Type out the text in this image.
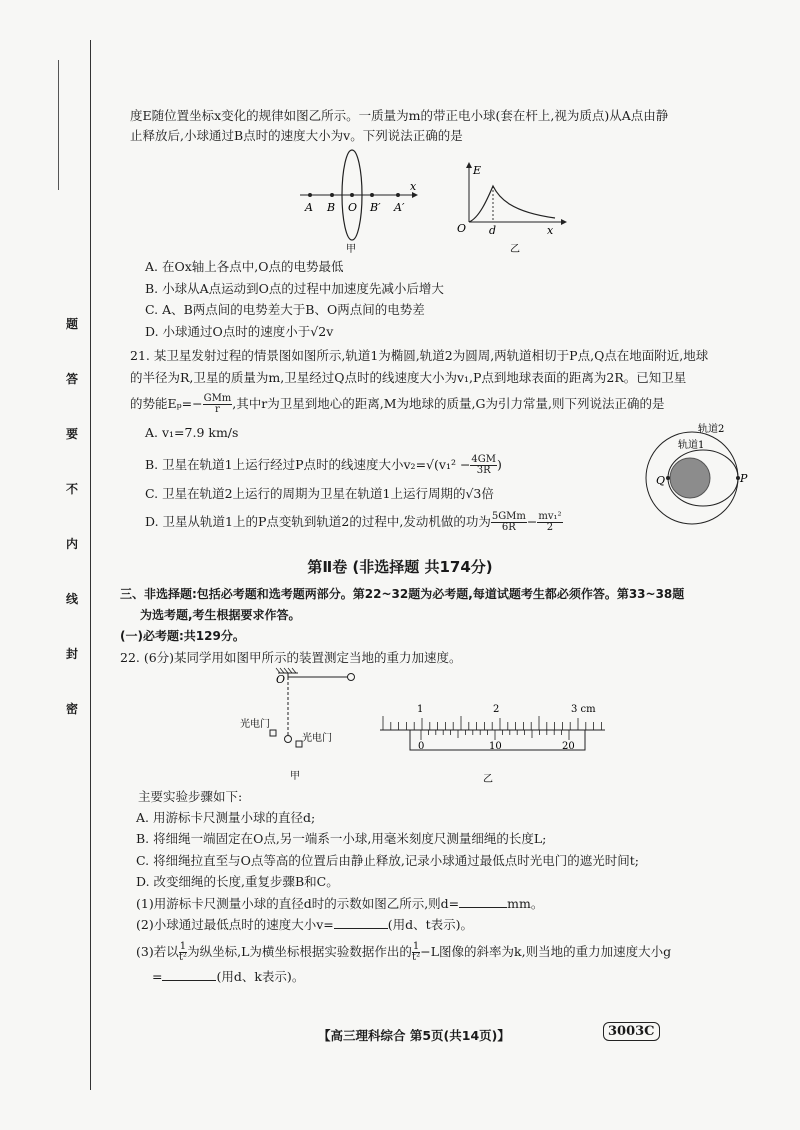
密
封
线
内
不
要
答
题
度E随位置坐标x变化的规律如图乙所示。一质量为m的带正电小球(套在杆上,视为质点)从A点由静
止释放后,小球通过B点时的速度大小为v。下列说法正确的是
A B O B′ A′
x
甲
E
O d	x
乙
A. 在Ox轴上各点中,O点的电势最低
B. 小球从A点运动到O点的过程中加速度先减小后增大
C. A、B两点间的电势差大于B、O两点间的电势差
D. 小球通过O点时的速度小于√2v
21. 某卫星发射过程的情景图如图所示,轨道1为椭圆,轨道2为圆周,两轨道相切于P点,Q点在地面附近,地球
的半径为R,卫星的质量为m,卫星经过Q点时的线速度大小为v₁,P点到地球表面的距离为2R。已知卫星
的势能$E_p=- \frac{\text{GMm}}{r}$ ,其中r为卫星到地心的距离,M为地球的质量,G为引力常量,则下列说法正确的是
A. v₁=7.9 km/s
B. 卫星在轨道1上运行经过P点时的线速度大小$v_2=√(v_1^2 - \frac{4GM}{3R}$ )
C. 卫星在轨道2上运行的周期为卫星在轨道1上运行周期的√3倍
D. 卫星从轨道1上的P点变轨到轨道2的过程中,发动机做的功为 $\frac{\text{5GMm}}{6R} - \frac{\text{mv₁²}}{2}$
轨道2
轨道1
Q	P
第Ⅱ卷 (非选择题 共174分)
三、非选择题:包括必考题和选考题两部分。第22~32题为必考题,每道试题考生都必须作答。第33~38题
为选考题,考生根据要求作答。
(一)必考题:共129分。
22. (6分)某同学用如图甲所示的装置测定当地的重力加速度。
O
光电门
光电门
甲
1	2	3 cm
0	10	20
乙
主要实验步骤如下:
A. 用游标卡尺测量小球的直径d;
B. 将细绳一端固定在O点,另一端系一小球,用毫米刻度尺测量细绳的长度L;
C. 将细绳拉直至与O点等高的位置后由静止释放,记录小球通过最低点时光电门的遮光时间t;
D. 改变细绳的长度,重复步骤B和C。
(1)用游标卡尺测量小球的直径d时的示数如图乙所示,则d=	mm。
(2)小球通过最低点时的速度大小v=	(用d、t表示)。
(3)若以 $\frac{1}{\text{t²}}$ 为纵坐标,L为横坐标根据实验数据作出的 $\frac{1}{\text{t²}} -L$图像的斜率为k,则当地的重力加速度大小g
=	(用d、k表示)。
【高三理科综合 第5页(共14页)】	3003C
